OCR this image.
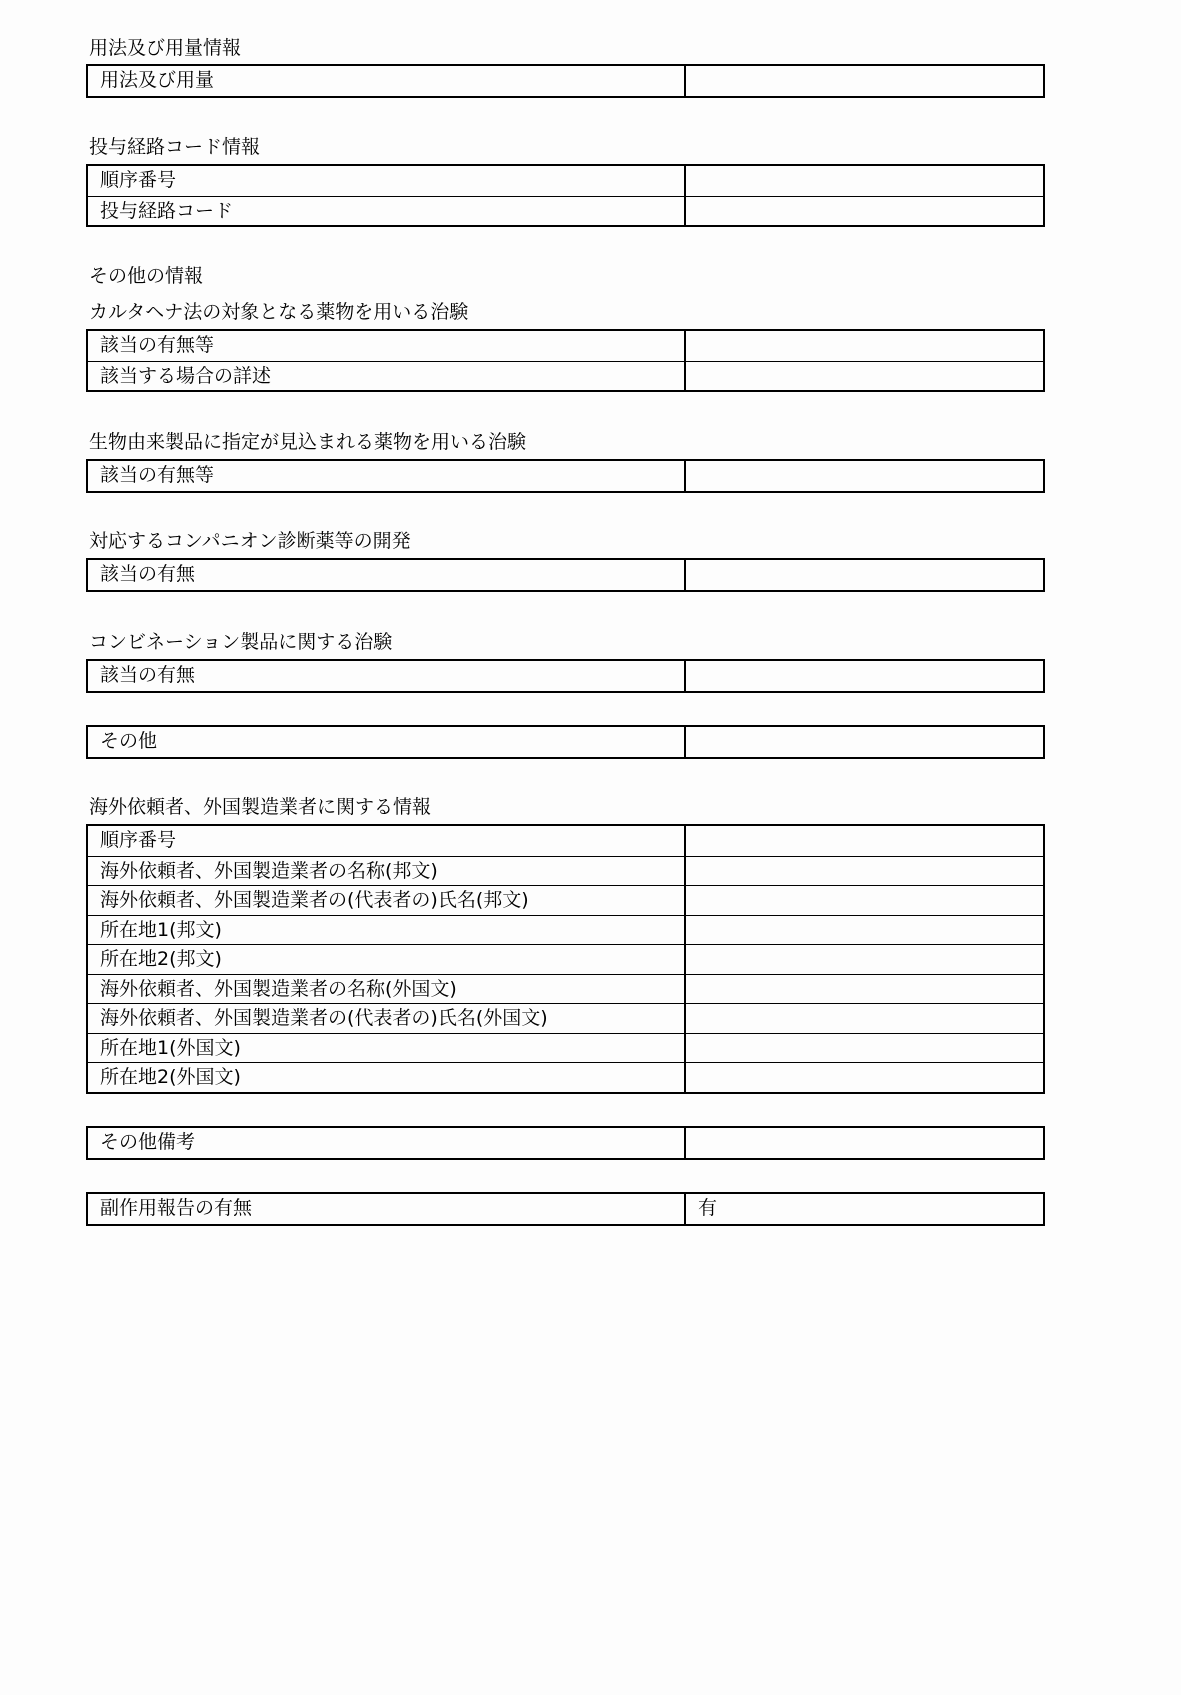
用法及び用量情報
投与経路コード情報
その他の情報
カルタヘナ法の対象となる薬物を用いる治験
生物由来製品に指定が見込まれる薬物を用いる治験
対応するコンパニオン診断薬等の開発
コンビネーション製品に関する治験
海外依頼者、外国製造業者に関する情報
用法及び用量
順序番号
投与経路コード
該当の有無等
該当する場合の詳述
該当の有無等
該当の有無
該当の有無
その他
順序番号
海外依頼者、外国製造業者の名称(邦文)
海外依頼者、外国製造業者の(代表者の)氏名(邦文)
所在地1(邦文)
所在地2(邦文)
海外依頼者、外国製造業者の名称(外国文)
海外依頼者、外国製造業者の(代表者の)氏名(外国文)
所在地1(外国文)
所在地2(外国文)
その他備考
副作用報告の有無	有
